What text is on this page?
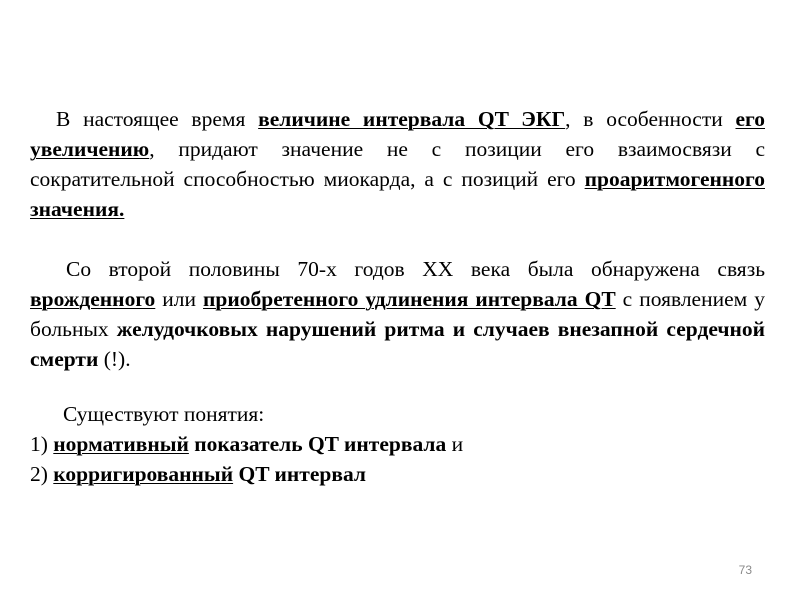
В настоящее время величине интервала QT ЭКГ, в особенности его увеличению, придают значение не с позиции его взаимосвязи с сократительной способностью миокарда, а с позиций его проаритмогенного значения.

Со второй половины 70-х годов XX века была обнаружена связь врожденного или приобретенного удлинения интервала QT с появлением у больных желудочковых нарушений ритма и случаев внезапной сердечной смерти (!).

Существуют понятия:
1) нормативный показатель QT интервала и
2) корригированный QT интервал
73
